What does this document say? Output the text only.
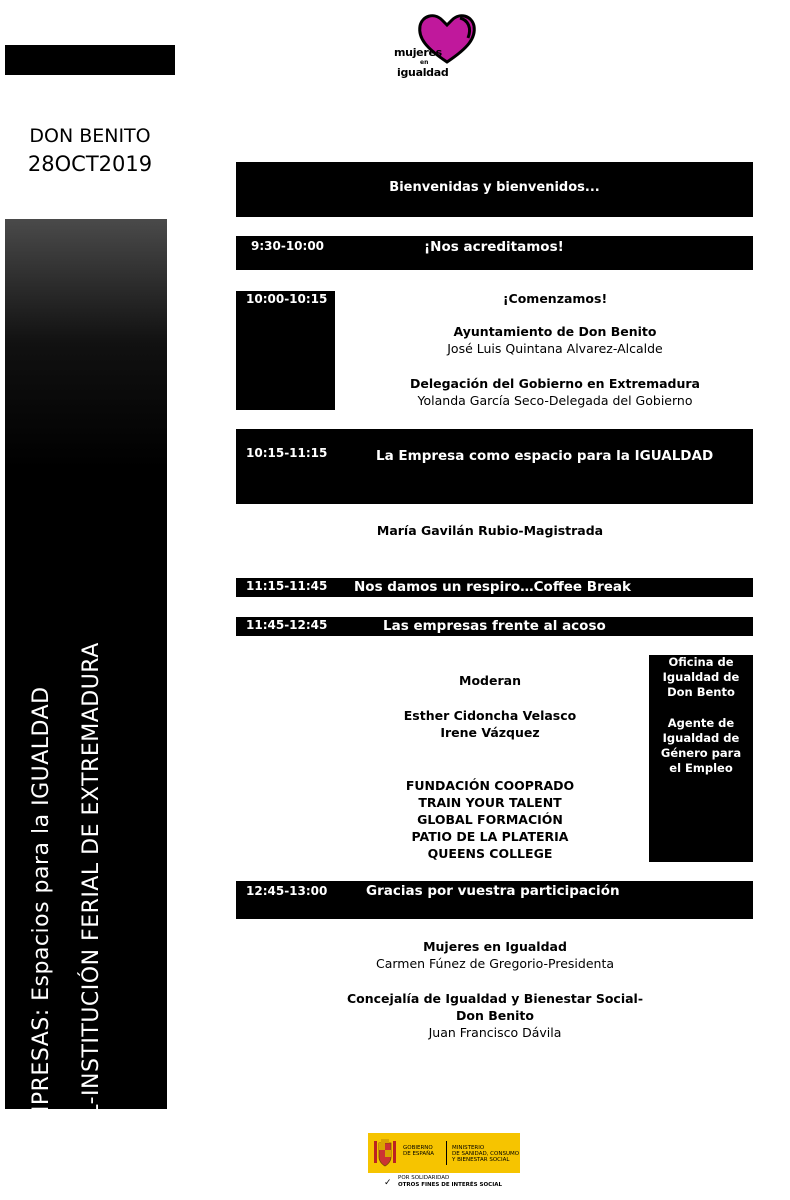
mujeres
en
igualdad
DON BENITO
28OCT2019
EMPRESAS: Espacios para la IGUALDAD FEVAL-INSTITUCIÓN FERIAL DE EXTREMADURA
Bienvenidas y bienvenidos...
9:30-10:00	¡Nos acreditamos!
10:00-10:15	¡Comenzamos!
Ayuntamiento de Don Benito
José Luis Quintana Alvarez-Alcalde
Delegación del Gobierno en Extremadura
Yolanda García Seco-Delegada del Gobierno
10:15-11:15	La Empresa como espacio para la IGUALDAD
María Gavilán Rubio-Magistrada
11:15-11:45 Nos damos un respiro…Coffee Break
11:45-12:45	Las empresas frente al acoso
Moderan
Esther Cidoncha Velasco
Irene Vázquez
FUNDACIÓN COOPRADO
TRAIN YOUR TALENT
GLOBAL FORMACIÓN
PATIO DE LA PLATERIA
QUEENS COLLEGE
Oficina de
Igualdad de
Don Bento
Agente de
Igualdad de
Género para
el Empleo
12:45-13:00	Gracias por vuestra participación
Mujeres en Igualdad
Carmen Fúnez de Gregorio-Presidenta
Concejalía de Igualdad y Bienestar Social-
Don Benito
Juan Francisco Dávila
GOBIERNO
DE ESPAÑA
MINISTERIO
DE SANIDAD, CONSUMO
Y BIENESTAR SOCIAL
✓ POR SOLIDARIDAD
OTROS FINES DE INTERÉS SOCIAL
